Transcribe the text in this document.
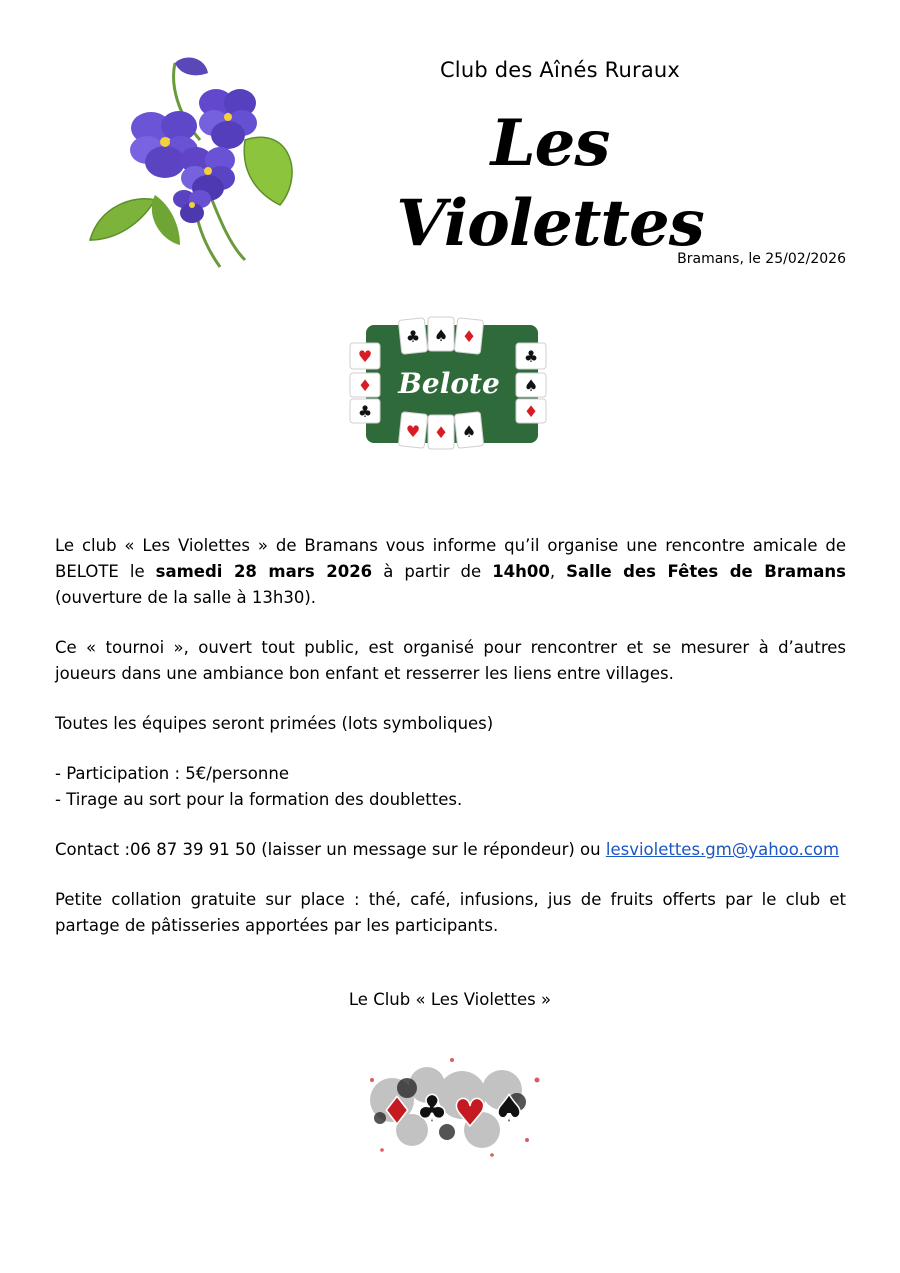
Club des Aînés Ruraux
Les Violettes
Bramans, le 25/02/2026
♣ ♠ ♦
♥ ♦ ♠
♥
♦
♣
♣
♠
♦
Belote

Le club « Les Violettes » de Bramans vous informe qu’il organise une rencontre amicale de

BELOTE le samedi 28 mars 2026 à partir de 14h00, Salle des Fêtes de Bramans

(ouverture de la salle à 13h30).

Ce « tournoi », ouvert tout public, est organisé pour rencontrer et se mesurer à d’autres joueurs dans une ambiance bon enfant et resserrer les liens entre villages.

Toutes les équipes seront primées (lots symboliques)

- Participation : 5€/personne

- Tirage au sort pour la formation des doublettes.

Contact :06 87 39 91 50 (laisser un message sur le répondeur) ou lesviolettes.gm@yahoo.com

Petite collation gratuite sur place : thé, café, infusions, jus de fruits offerts par le club et partage de pâtisseries apportées par les participants.

Le Club « Les Violettes »
♦ ♣ ♥ ♠
